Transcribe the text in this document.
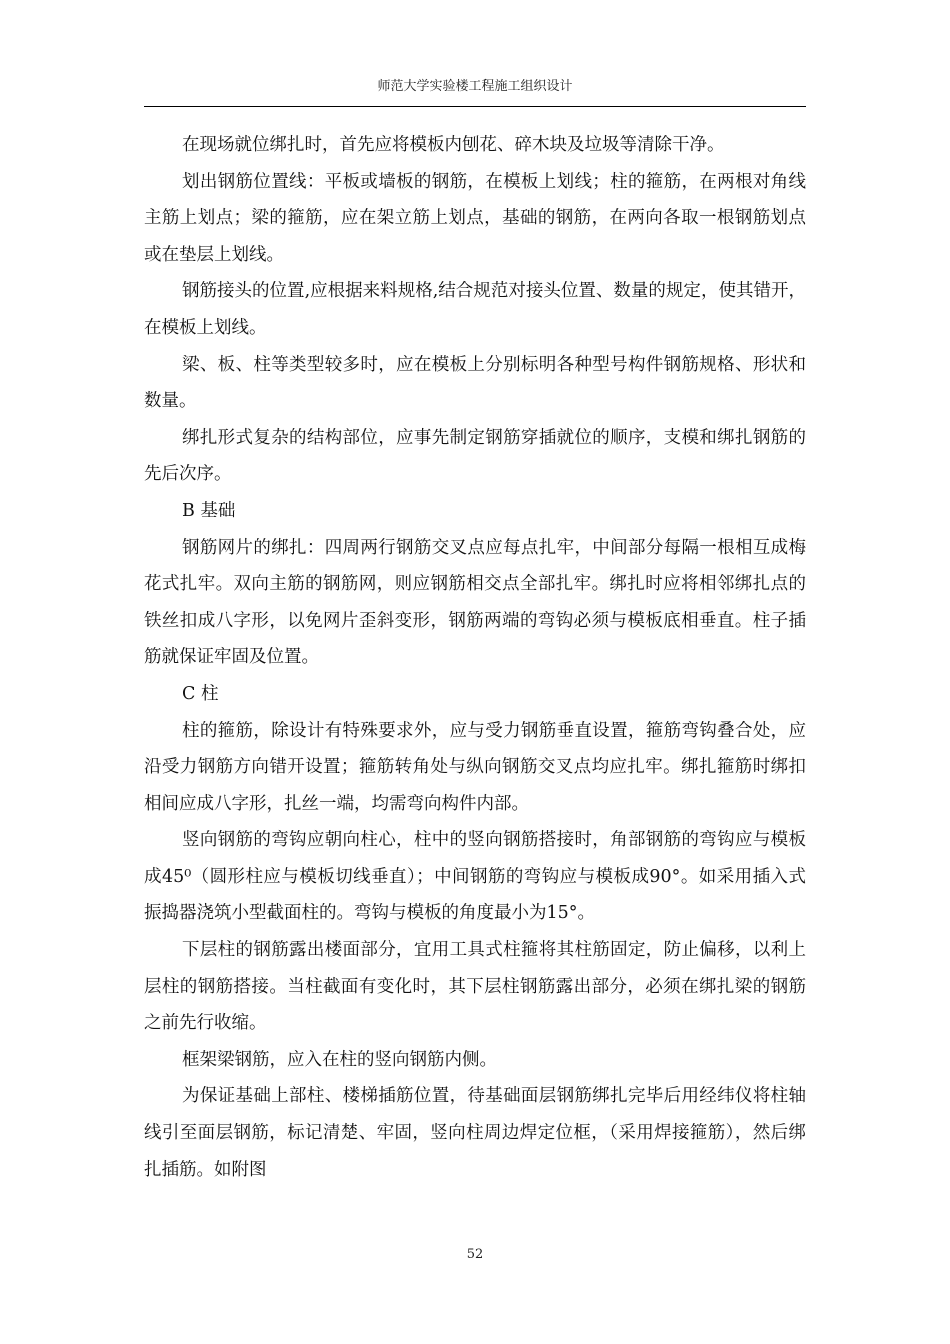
师范大学实验楼工程施工组织设计

在现场就位绑扎时，首先应将模板内刨花、碎木块及垃圾等清除干净。

划出钢筋位置线：平板或墙板的钢筋，在模板上划线；柱的箍筋，在两根对角线主筋上划点；梁的箍筋，应在架立筋上划点，基础的钢筋，在两向各取一根钢筋划点或在垫层上划线。

钢筋接头的位置,应根据来料规格,结合规范对接头位置、数量的规定，使其错开，在模板上划线。

梁、板、柱等类型较多时，应在模板上分别标明各种型号构件钢筋规格、形状和数量。

绑扎形式复杂的结构部位，应事先制定钢筋穿插就位的顺序，支模和绑扎钢筋的先后次序。

B 基础

钢筋网片的绑扎：四周两行钢筋交叉点应每点扎牢，中间部分每隔一根相互成梅花式扎牢。双向主筋的钢筋网，则应钢筋相交点全部扎牢。绑扎时应将相邻绑扎点的铁丝扣成八字形，以免网片歪斜变形，钢筋两端的弯钩必须与模板底相垂直。柱子插筋就保证牢固及位置。

C 柱

柱的箍筋，除设计有特殊要求外，应与受力钢筋垂直设置，箍筋弯钩叠合处，应沿受力钢筋方向错开设置；箍筋转角处与纵向钢筋交叉点均应扎牢。绑扎箍筋时绑扣相间应成八字形，扎丝一端，均需弯向构件内部。

竖向钢筋的弯钩应朝向柱心，柱中的竖向钢筋搭接时，角部钢筋的弯钩应与模板成45⁰（圆形柱应与模板切线垂直）；中间钢筋的弯钩应与模板成90°。如采用插入式振捣器浇筑小型截面柱的。弯钩与模板的角度最小为15°。

下层柱的钢筋露出楼面部分，宜用工具式柱箍将其柱筋固定，防止偏移，以利上层柱的钢筋搭接。当柱截面有变化时，其下层柱钢筋露出部分，必须在绑扎梁的钢筋之前先行收缩。

框架梁钢筋，应入在柱的竖向钢筋内侧。

为保证基础上部柱、楼梯插筋位置，待基础面层钢筋绑扎完毕后用经纬仪将柱轴线引至面层钢筋，标记清楚、牢固，竖向柱周边焊定位框，（采用焊接箍筋），然后绑扎插筋。如附图

52
